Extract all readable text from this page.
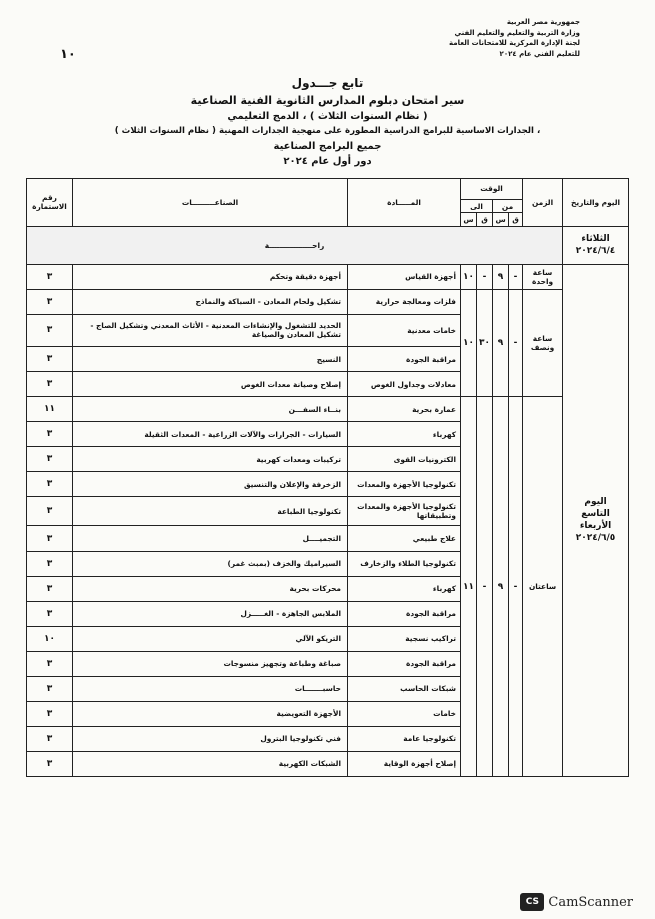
جمهورية مصر العربية
وزارة التربية والتعليم والتعليم الفني
لجنة الإدارة المركزية للامتحانات العامة
للتعليم الفني عام ٢٠٢٤
١٠
تابع جـــدول
سير امتحان دبلوم المدارس الثانوية الفنية الصناعية
( نظام السنوات الثلاث ) ، الدمج التعليمي
، الجدارات الاساسية للبرامج الدراسية المطورة على منهجية الجدارات المهنية ( نظام السنوات الثلاث )
جميع البرامج الصناعية
دور أول عام ٢٠٢٤
اليوم والتاريخ	الزمن	الوقت				المـــــادة	الصناعـــــــــات	رقم الاستمارة
		من		الى				
		ق	س	ق	س			

الثلاثاء
٢٠٢٤/٦/٤	راحـــــــــــــــــة							

اليوم
التاسع
الأربعاء
٢٠٢٤/٦/٥	ساعة واحدة	-	٩	-	١٠	أجهزة القياس	أجهزة دقيقة وتحكم	٣
	ساعة ونصف	-	٩	٣٠	١٠	فلزات ومعالجة حرارية	تشكيل ولحام المعادن - السباكة والنماذج	٣
						خامات معدنية	الحديد للتشغول والإنشاءات المعدنية - الأثاث المعدني وتشكيل الصاج - تشكيل المعادن والصياغة	٣
						مراقبة الجودة	النسيج	٣
						معادلات وجداول الغوص	إصلاح وصيانة معدات الغوص	٣
	ساعتان	-	٩	-	١١	عمارة بحرية	بنــاء السفـــن	١١
						كهرباء	السيارات - الجرارات والآلات الزراعية - المعدات الثقيلة	٣
						الكترونيات القوى	تركيبات ومعدات كهربية	٣
						تكنولوجيا الأجهزة والمعدات	الزخرفة والإعلان والتنسيق	٣
						تكنولوجيا الأجهزة والمعدات وتطبيقاتها	تكنولوجيا الطباعة	٣
						علاج طبيعي	التجميــــل	٣
						تكنولوجيا الطلاء والزخارف	السيراميك والخزف (بمبث غمر)	٣
						كهرباء	محركات بحرية	٣
						مراقبة الجودة	الملابس الجاهزة - الغـــــزل	٣
						تراكيب نسجية	التريكو الآلي	١٠
						مراقبة الجودة	صباغة وطباعة وتجهيز منسوجات	٣
						شبكات الحاسب	حاسبـــــــات	٣
						خامات	الأجهزة التعويضية	٣
						تكنولوجيا عامة	فني تكنولوجيا البترول	٣
						إصلاح أجهزة الوقاية	الشبكات الكهربية	٣
CS CamScanner
